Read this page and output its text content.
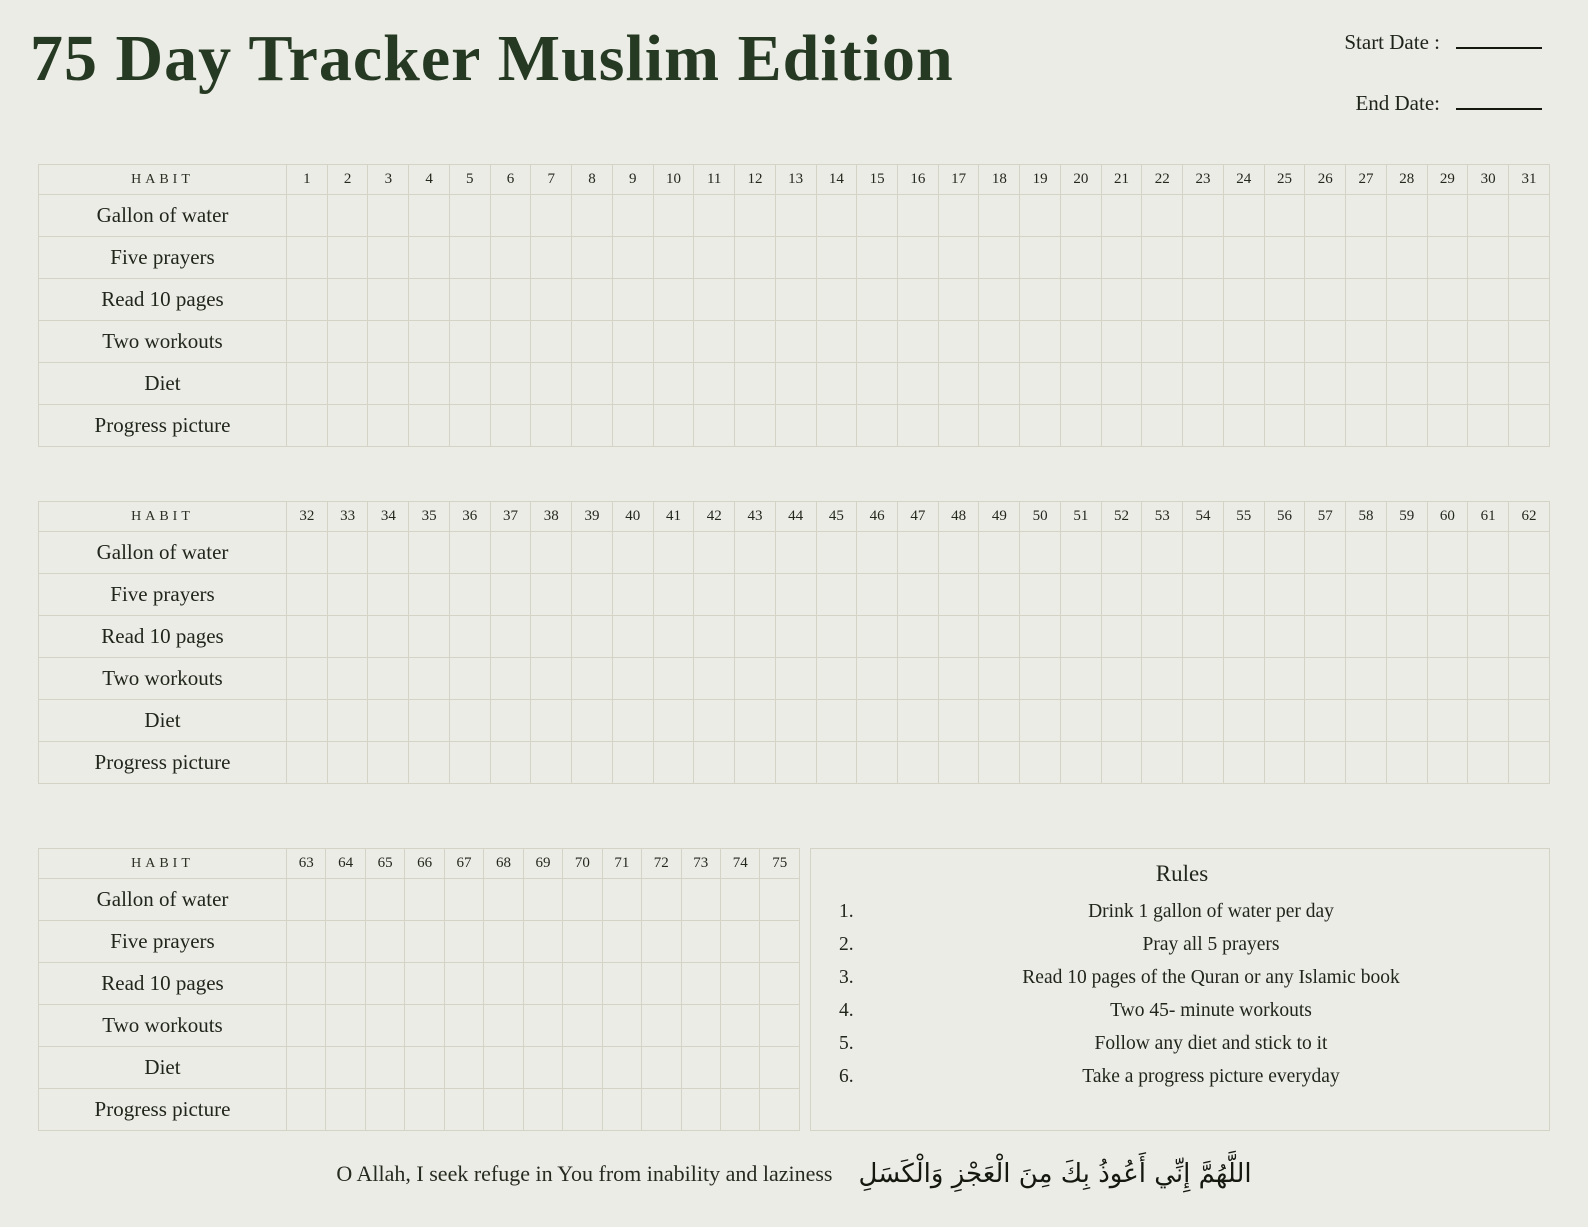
75 Day Tracker Muslim Edition	Start Date :
End Date:
HABIT	1	2	3	4	5	6	7	8	9	10	11	12	13	14	15	16	17	18	19	20	21	22	23	24	25	26	27	28	29	30	31
Gallon of water																															
Five prayers																															
Read 10 pages																															
Two workouts																															
Diet																															
Progress picture																															
HABIT	32	33	34	35	36	37	38	39	40	41	42	43	44	45	46	47	48	49	50	51	52	53	54	55	56	57	58	59	60	61	62
Gallon of water																															
Five prayers																															
Read 10 pages																															
Two workouts																															
Diet																															
Progress picture																															
HABIT	63	64	65	66	67	68	69	70	71	72	73	74	75
Gallon of water													
Five prayers													
Read 10 pages													
Two workouts													
Diet													
Progress picture													
Rules
1.	Drink 1 gallon of water per day
2.	Pray all 5 prayers
3.	Read 10 pages of the Quran or any Islamic book
4.	Two 45- minute workouts
5.	Follow any diet and stick to it
6.	Take a progress picture everyday
O Allah, I seek refuge in You from inability and laziness اللَّهُمَّ إِنِّي أَعُوذُ بِكَ مِنَ الْعَجْزِ وَالْكَسَلِ
